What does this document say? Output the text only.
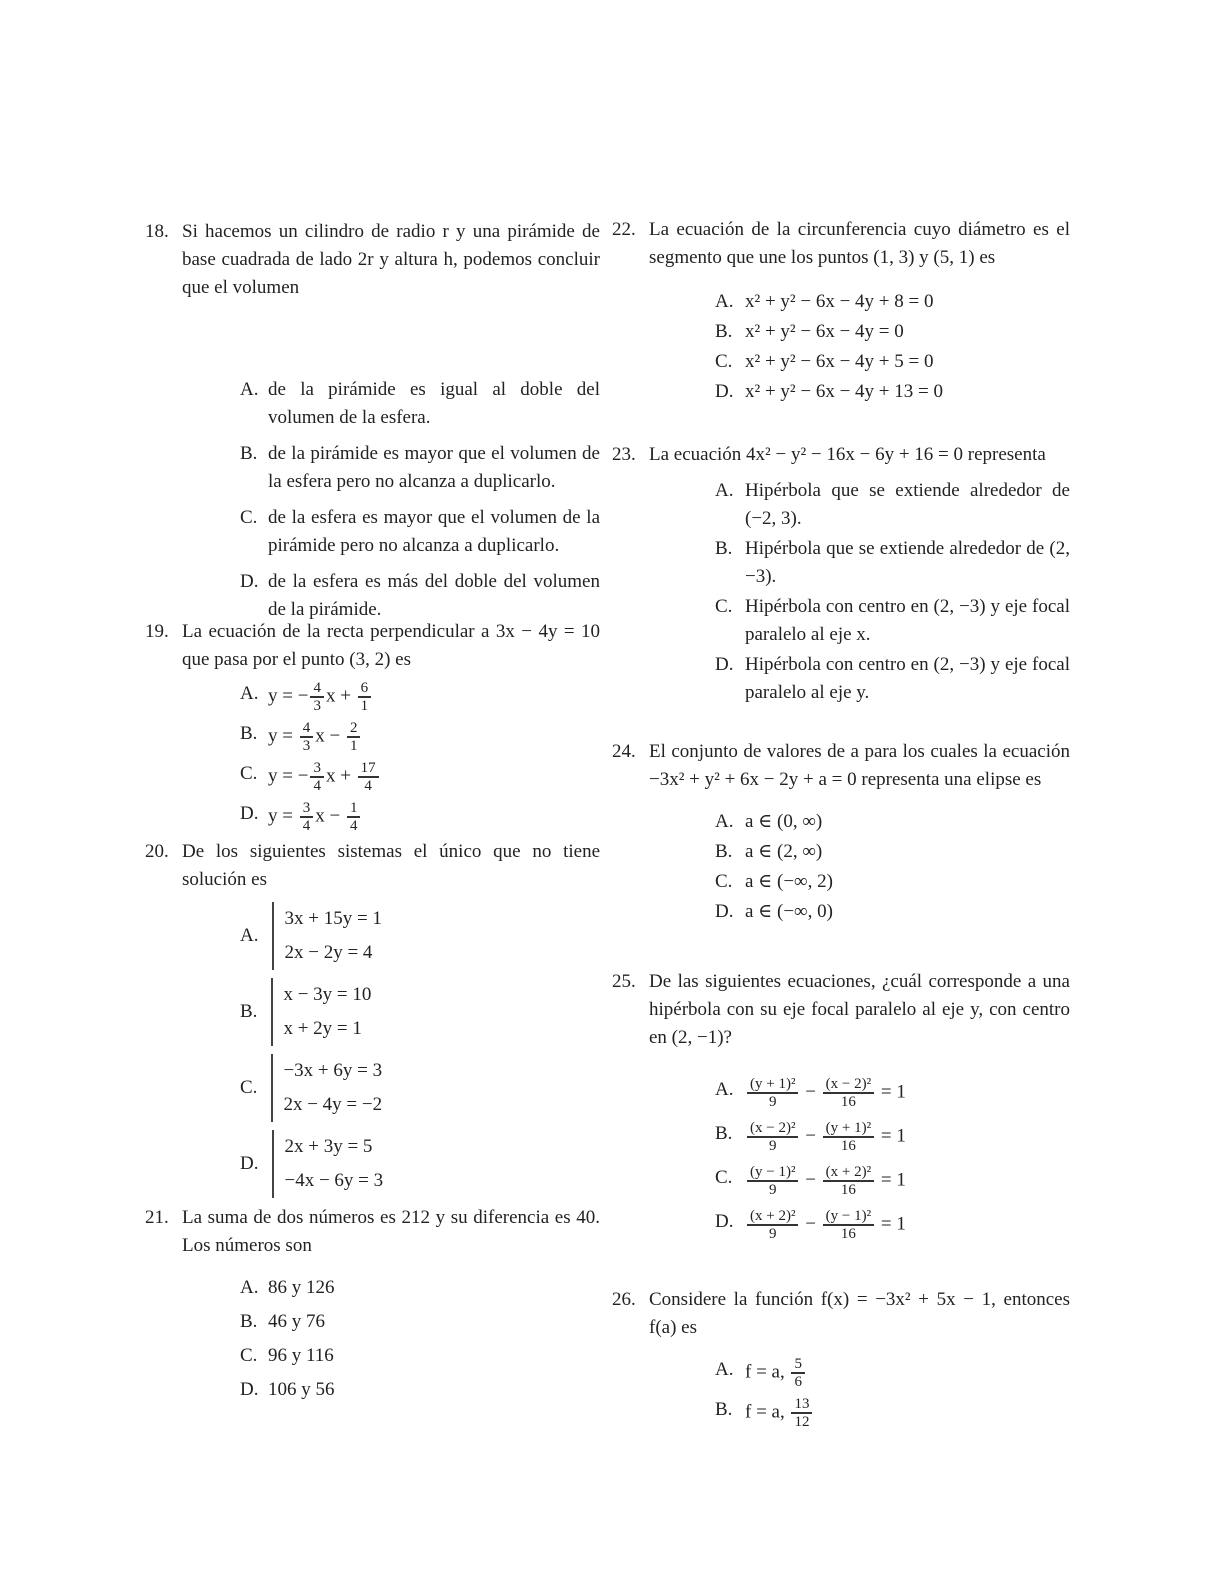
18. Si hacemos un cilindro de radio r y una pirámide de base cuadrada de lado 2r y altura h, podemos concluir que el volumen
A. de la pirámide es igual al doble del volumen de la esfera.
B. de la pirámide es mayor que el volumen de la esfera pero no alcanza a duplicarlo.
C. de la esfera es mayor que el volumen de la pirámide pero no alcanza a duplicarlo.
D. de la esfera es más del doble del volumen de la pirámide.
19. La ecuación de la recta perpendicular a 3x − 4y = 10 que pasa por el punto (3, 2) es
A. y = − $\frac{4}{3}$ $x + \frac{6}{1}$
B. $y = \frac{4}{3}$ $x - \frac{2}{1}$
C. y = − $\frac{3}{4}$ $x + \frac{17}{4}$
D. $y = \frac{3}{4}$ $x - \frac{1}{4}$
20. De los siguientes sistemas el único que no tiene solución es
A.
3x + 15y = 1
2x − 2y = 4
B.
x − 3y = 10
x + 2y = 1
C.
−3x + 6y = 3
2x − 4y = −2
D.
2x + 3y = 5
−4x − 6y = 3
21. La suma de dos números es 212 y su diferencia es 40. Los números son
A. 86 y 126
B. 46 y 76
C. 96 y 116
D. 106 y 56
22. La ecuación de la circunferencia cuyo diámetro es el segmento que une los puntos (1, 3) y (5, 1) es
A. x² + y² − 6x − 4y + 8 = 0
B. x² + y² − 6x − 4y = 0
C. x² + y² − 6x − 4y + 5 = 0
D. x² + y² − 6x − 4y + 13 = 0
23. La ecuación 4x² − y² − 16x − 6y + 16 = 0 representa
A. Hipérbola que se extiende alrededor de (−2, 3).
B. Hipérbola que se extiende alrededor de (2, −3).
C. Hipérbola con centro en (2, −3) y eje focal paralelo al eje x.
D. Hipérbola con centro en (2, −3) y eje focal paralelo al eje y.
24. El conjunto de valores de a para los cuales la ecuación −3x² + y² + 6x − 2y + a = 0 representa una elipse es
A. a ∈ (0, ∞)
B. a ∈ (2, ∞)
C. a ∈ (−∞, 2)
D. a ∈ (−∞, 0)
25. De las siguientes ecuaciones, ¿cuál corresponde a una hipérbola con su eje focal paralelo al eje y, con centro en (2, −1)?
A. $\frac{\text{(y + 1)²}}{9} - \frac{\text{(x − 2)²}}{16} = 1$
B. $\frac{\text{(x − 2)²}}{9} - \frac{\text{(y + 1)²}}{16} = 1$
C. $\frac{\text{(y − 1)²}}{9} - \frac{\text{(x + 2)²}}{16} = 1$
D. $\frac{\text{(x + 2)²}}{9} - \frac{\text{(y − 1)²}}{16} = 1$
26. Considere la función f(x) = −3x² + 5x − 1, entonces f(a) es
A. f = a, $\frac{5}{6}$
B. f = a, $\frac{13}{12}$
